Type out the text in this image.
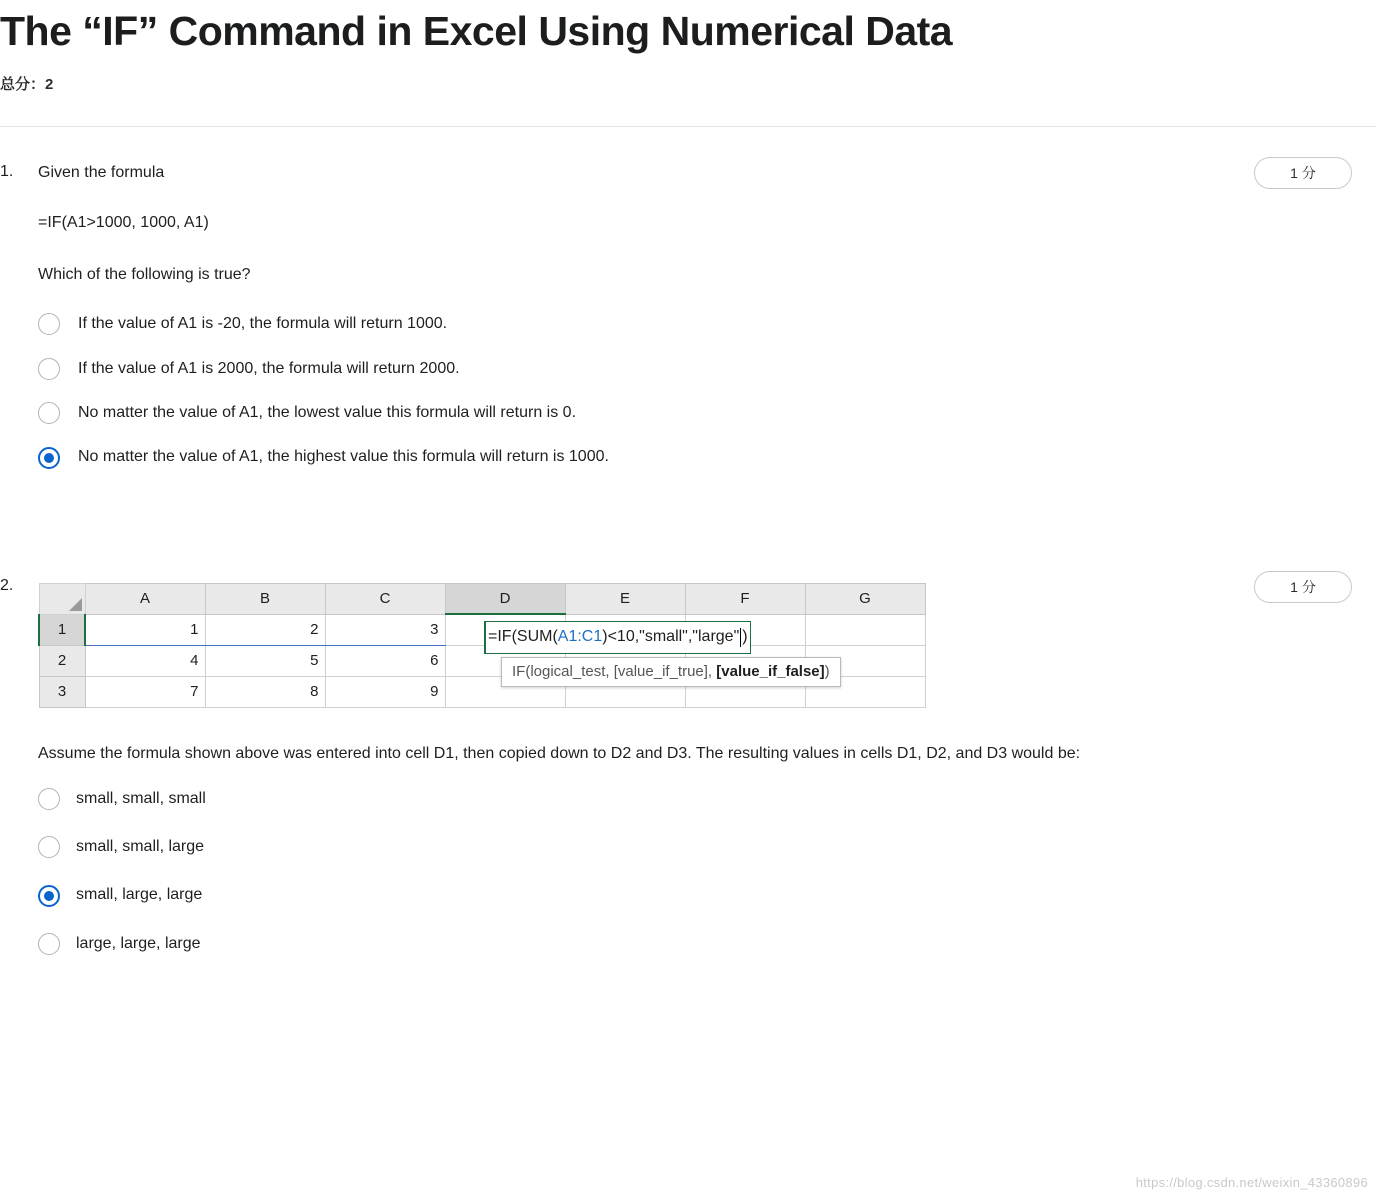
The “IF” Command in Excel Using Numerical Data
总分：2
1.	1 分
Given the formula
=IF(A1>1000, 1000, A1)
Which of the following is true?
If the value of A1 is -20, the formula will return 1000.
If the value of A1 is 2000, the formula will return 2000.
No matter the value of A1, the lowest value this formula will return is 0.
No matter the value of A1, the highest value this formula will return is 1000.
2.	1 分
	A	B	C	D	E	F	G
1	1	2	3				
2	4	5	6				
3	7	8	9				
=IF(SUM( A1:C1 )<10,"small","large" )
IF(logical_test, [value_if_true], [value_if_false])
Assume the formula shown above was entered into cell D1, then copied down to D2 and D3. The resulting values in cells D1, D2, and D3 would be:
small, small, small
small, small, large
small, large, large
large, large, large
https://blog.csdn.net/weixin_43360896
